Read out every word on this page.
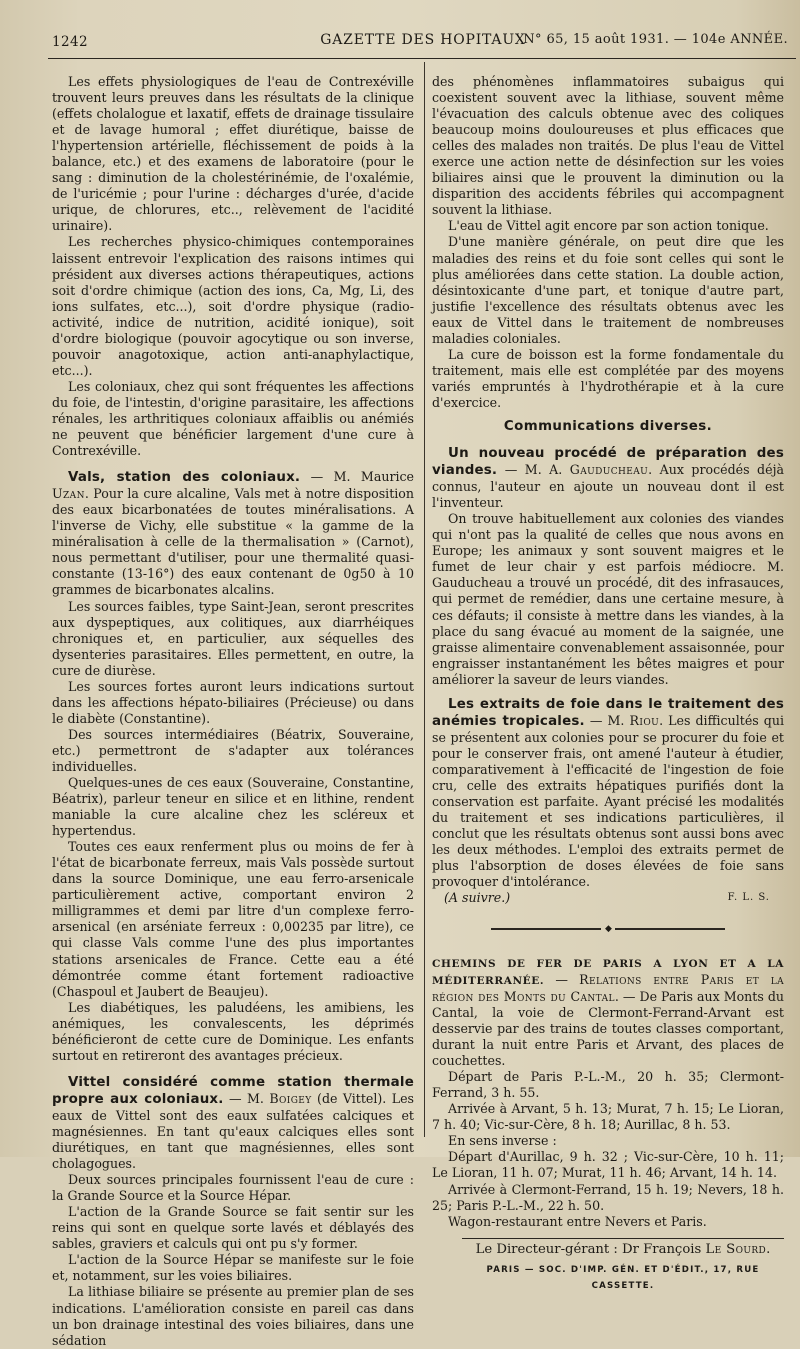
1242	GAZETTE DES HOPITAUX
N° 65, 15 août 1931. — 104e ANNÉE.

Les effets physiologiques de l'eau de Contrexéville trouvent leurs preuves dans les résultats de la clinique (effets cholalogue et laxatif, effets de drainage tissulaire et de lavage humoral ; effet diurétique, baisse de l'hypertension artérielle, fléchissement de poids à la balance, etc.) et des examens de laboratoire (pour le sang : diminution de la cholestérinémie, de l'oxalémie, de l'uricémie ; pour l'urine : décharges d'urée, d'acide urique, de chlorures, etc.., relèvement de l'acidité urinaire).

Les recherches physico-chimiques contemporaines laissent entrevoir l'explication des raisons intimes qui président aux diverses actions thérapeutiques, actions soit d'ordre chimique (action des ions, Ca, Mg, Li, des ions sulfates, etc...), soit d'ordre physique (radio-activité, indice de nutrition, acidité ionique), soit d'ordre biologique (pouvoir agocytique ou son inverse, pouvoir anagotoxique, action anti-anaphylactique, etc...).

Les coloniaux, chez qui sont fréquentes les affections du foie, de l'intestin, d'origine parasitaire, les affections rénales, les arthritiques coloniaux affaiblis ou anémiés ne peuvent que bénéficier largement d'une cure à Contrexéville.

Vals, station des coloniaux. — M. Maurice Uzan. Pour la cure alcaline, Vals met à notre disposition des eaux bicarbonatées de toutes minéralisations. A l'inverse de Vichy, elle substitue « la gamme de la minéralisation à celle de la thermalisation » (Carnot), nous permettant d'utiliser, pour une thermalité quasi-constante (13-16°) des eaux contenant de 0g50 à 10 grammes de bicarbonates alcalins.

Les sources faibles, type Saint-Jean, seront prescrites aux dyspeptiques, aux colitiques, aux diarrhéiques chroniques et, en particulier, aux séquelles des dysenteries parasitaires. Elles permettent, en outre, la cure de diurèse.

Les sources fortes auront leurs indications surtout dans les affections hépato-biliaires (Précieuse) ou dans le diabète (Constantine).

Des sources intermédiaires (Béatrix, Souveraine, etc.) permettront de s'adapter aux tolérances individuelles.

Quelques-unes de ces eaux (Souveraine, Constantine, Béatrix), parleur teneur en silice et en lithine, rendent maniable la cure alcaline chez les scléreux et hypertendus.

Toutes ces eaux renferment plus ou moins de fer à l'état de bicarbonate ferreux, mais Vals possède surtout dans la source Dominique, une eau ferro-arsenicale particulièrement active, comportant environ 2 milligrammes et demi par litre d'un complexe ferro-arsenical (en arséniate ferreux : 0,00235 par litre), ce qui classe Vals comme l'une des plus importantes stations arsenicales de France. Cette eau a été démontrée comme étant fortement radioactive (Chaspoul et Jaubert de Beaujeu).

Les diabétiques, les paludéens, les amibiens, les anémiques, les convalescents, les déprimés bénéficieront de cette cure de Dominique. Les enfants surtout en retireront des avantages précieux.

Vittel considéré comme station thermale propre aux coloniaux. — M. Boigey (de Vittel). Les eaux de Vittel sont des eaux sulfatées calciques et magnésiennes. En tant qu'eaux calciques elles sont diurétiques, en tant que magnésiennes, elles sont cholagogues.

Deux sources principales fournissent l'eau de cure : la Grande Source et la Source Hépar.

L'action de la Grande Source se fait sentir sur les reins qui sont en quelque sorte lavés et déblayés des sables, graviers et calculs qui ont pu s'y former.

L'action de la Source Hépar se manifeste sur le foie et, notamment, sur les voies biliaires.

La lithiase biliaire se présente au premier plan de ses indications. L'amélioration consiste en pareil cas dans un bon drainage intestinal des voies biliaires, dans une sédation

des phénomènes inflammatoires subaigus qui coexistent souvent avec la lithiase, souvent même l'évacuation des calculs obtenue avec des coliques beaucoup moins douloureuses et plus efficaces que celles des malades non traités. De plus l'eau de Vittel exerce une action nette de désinfection sur les voies biliaires ainsi que le prouvent la diminution ou la disparition des accidents fébriles qui accompagnent souvent la lithiase.

L'eau de Vittel agit encore par son action tonique.

D'une manière générale, on peut dire que les maladies des reins et du foie sont celles qui sont le plus améliorées dans cette station. La double action, désintoxicante d'une part, et tonique d'autre part, justifie l'excellence des résultats obtenus avec les eaux de Vittel dans le traitement de nombreuses maladies coloniales.

La cure de boisson est la forme fondamentale du traitement, mais elle est complétée par des moyens variés empruntés à l'hydrothérapie et à la cure d'exercice.

Communications diverses.

Un nouveau procédé de préparation des viandes. — M. A. Gauducheau. Aux procédés déjà connus, l'auteur en ajoute un nouveau dont il est l'inventeur.

On trouve habituellement aux colonies des viandes qui n'ont pas la qualité de celles que nous avons en Europe; les animaux y sont souvent maigres et le fumet de leur chair y est parfois médiocre. M. Gauducheau a trouvé un procédé, dit des infrasauces, qui permet de remédier, dans une certaine mesure, à ces défauts; il consiste à mettre dans les viandes, à la place du sang évacué au moment de la saignée, une graisse alimentaire convenablement assaisonnée, pour engraisser instantanément les bêtes maigres et pour améliorer la saveur de leurs viandes.

Les extraits de foie dans le traitement des anémies tropicales. — M. Riou. Les difficultés qui se présentent aux colonies pour se procurer du foie et pour le conserver frais, ont amené l'auteur à étudier, comparativement à l'efficacité de l'ingestion de foie cru, celle des extraits hépatiques purifiés dont la conservation est parfaite. Ayant précisé les modalités du traitement et ses indications particulières, il conclut que les résultats obtenus sont aussi bons avec les deux méthodes. L'emploi des extraits permet de plus l'absorption de doses élevées de foie sans provoquer d'intolérance.

(A suivre.)	F. L. S.

◆

CHEMINS DE FER DE PARIS A LYON ET A LA MÉDITERRANÉE. — Relations entre Paris et la région des Monts du Cantal. — De Paris aux Monts du Cantal, la voie de Clermont-Ferrand-Arvant est desservie par des trains de toutes classes comportant, durant la nuit entre Paris et Arvant, des places de couchettes.

Départ de Paris P.-L.-M., 20 h. 35; Clermont-Ferrand, 3 h. 55.

Arrivée à Arvant, 5 h. 13; Murat, 7 h. 15; Le Lioran, 7 h. 40; Vic-sur-Cère, 8 h. 18; Aurillac, 8 h. 53.

En sens inverse :

Départ d'Aurillac, 9 h. 32 ; Vic-sur-Cère, 10 h. 11; Le Lioran, 11 h. 07; Murat, 11 h. 46; Arvant, 14 h. 14.

Arrivée à Clermont-Ferrand, 15 h. 19; Nevers, 18 h. 25; Paris P.-L.-M., 22 h. 50.

Wagon-restaurant entre Nevers et Paris.

Le Directeur-gérant : Dr François Le Sourd.
PARIS — SOC. D'IMP. GÉN. ET D'ÉDIT., 17, RUE CASSETTE.
